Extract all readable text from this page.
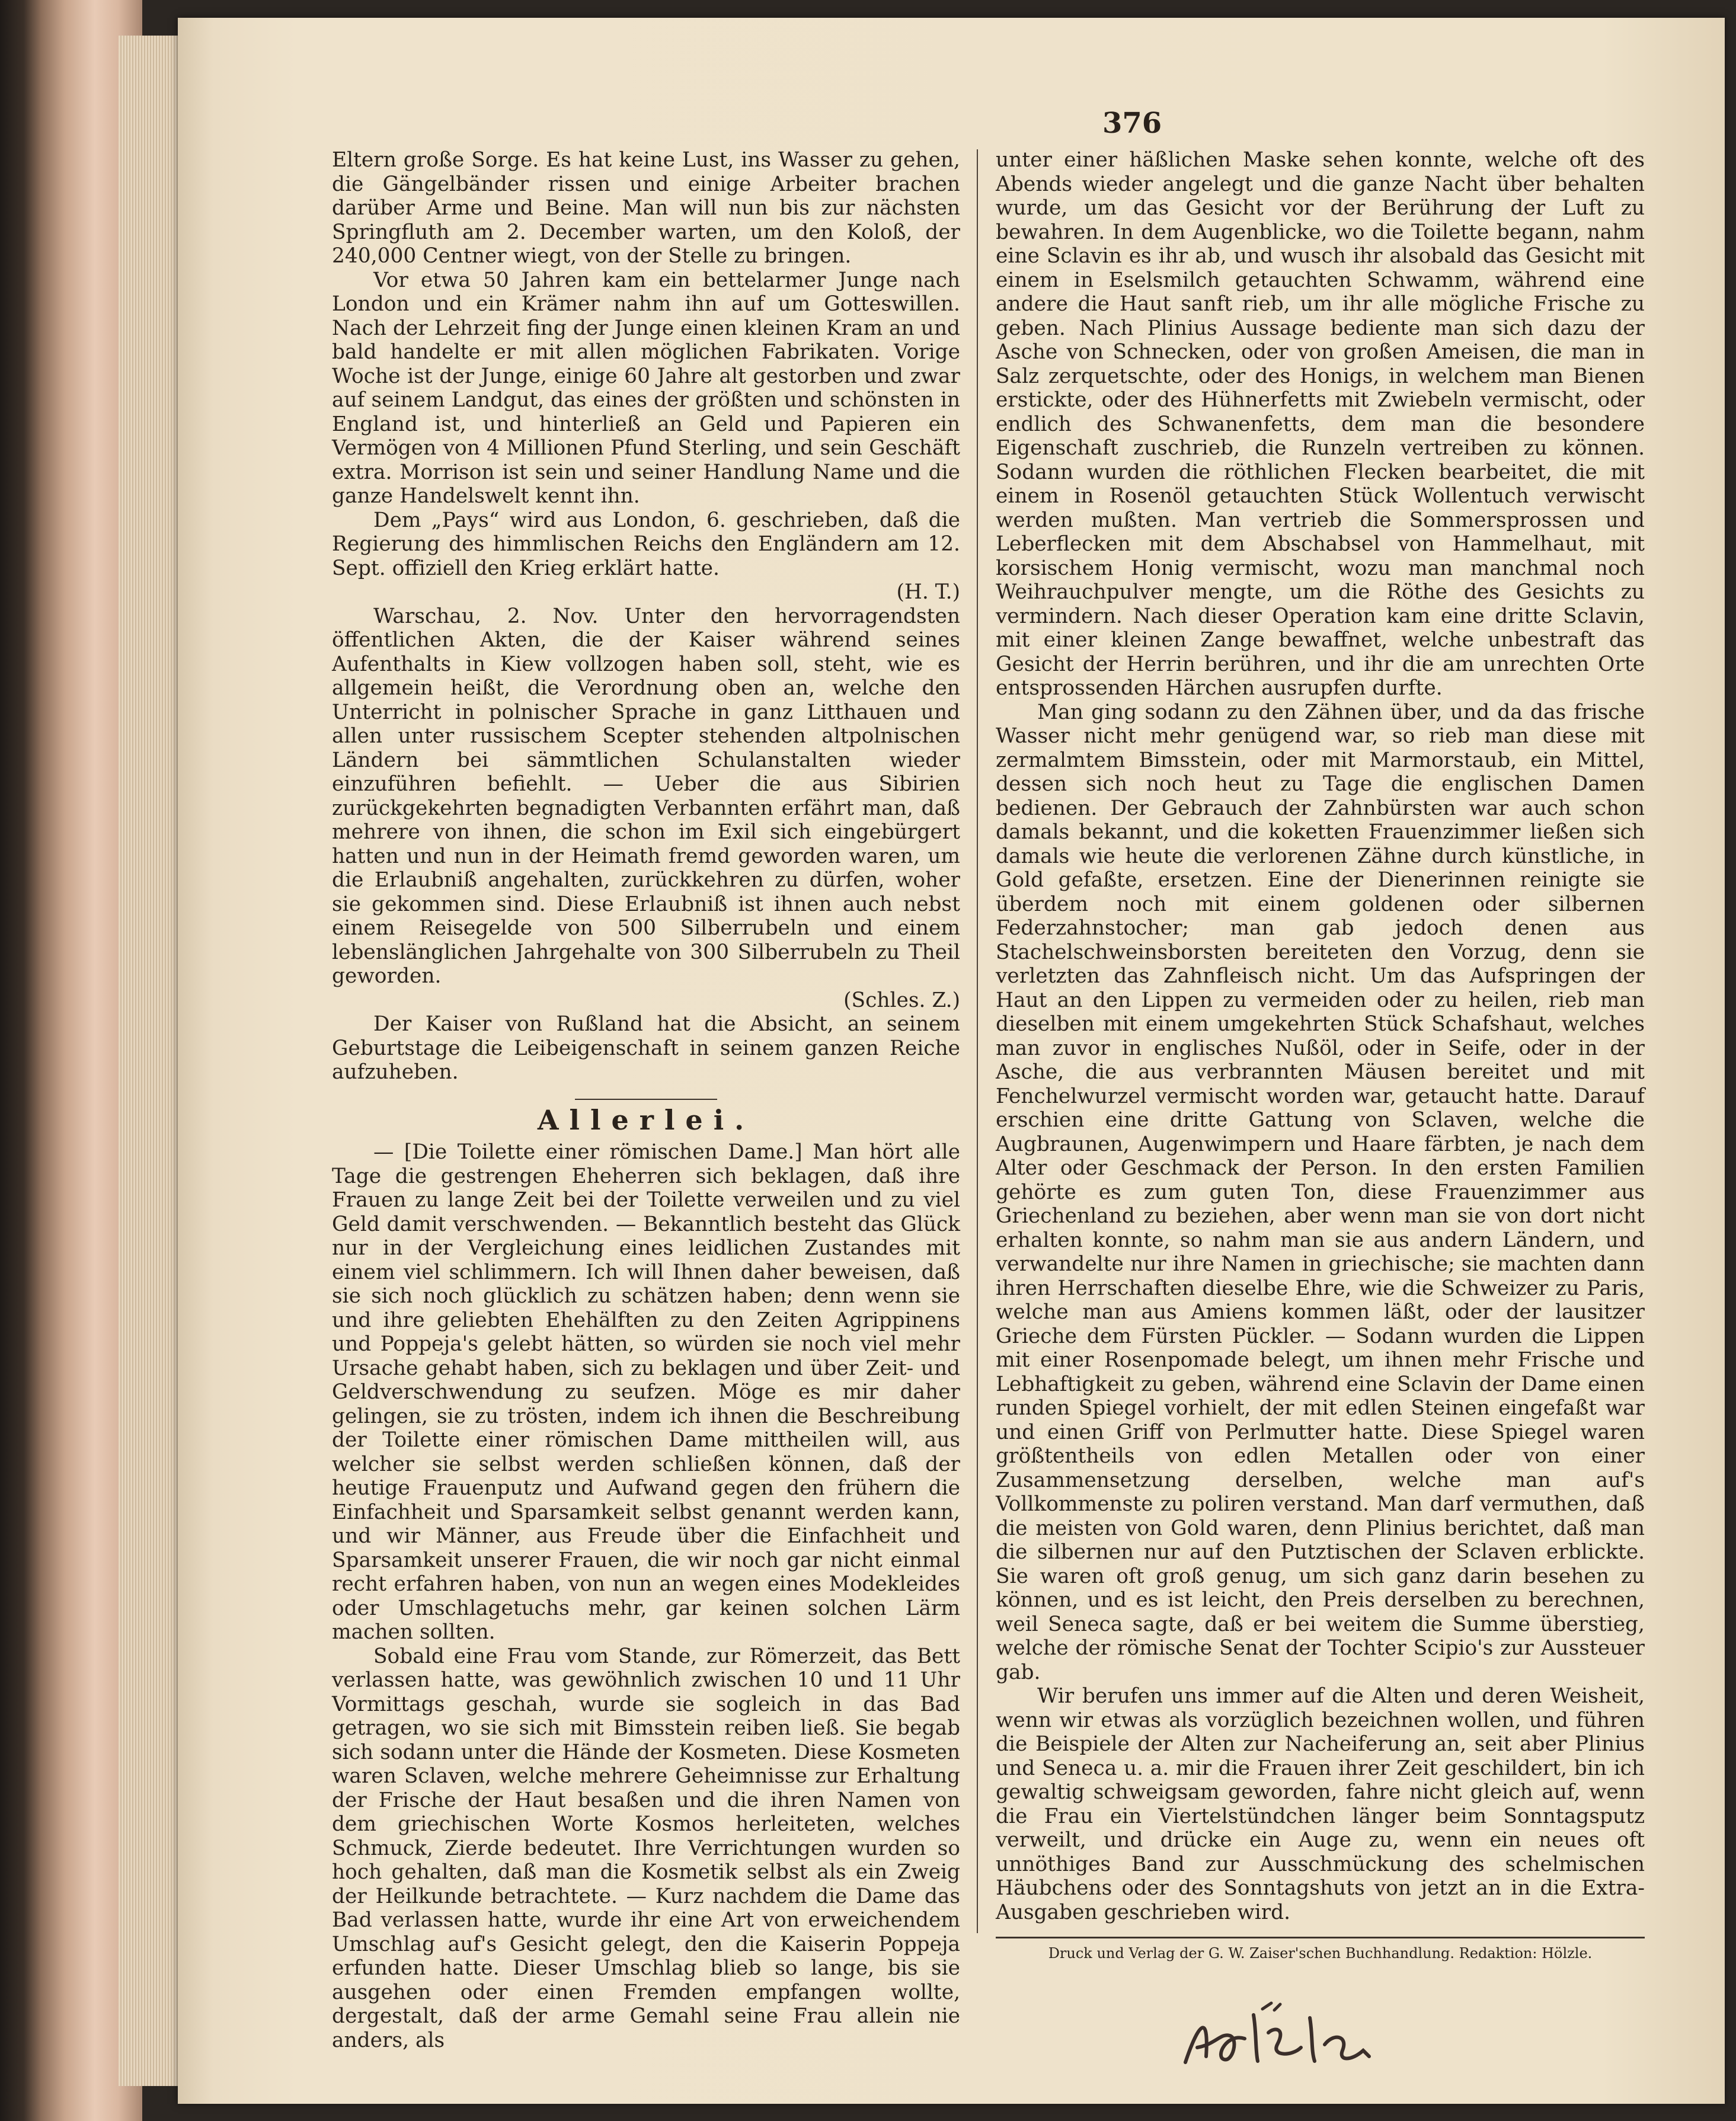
376

Eltern große Sorge. Es hat keine Lust, ins Wasser zu gehen, die Gängelbänder rissen und einige Arbeiter brachen darüber Arme und Beine. Man will nun bis zur nächsten Springfluth am 2. December warten, um den Koloß, der 240,000 Centner wiegt, von der Stelle zu bringen.

Vor etwa 50 Jahren kam ein bettelarmer Junge nach London und ein Krämer nahm ihn auf um Gotteswillen. Nach der Lehrzeit fing der Junge einen kleinen Kram an und bald handelte er mit allen möglichen Fabrikaten. Vorige Woche ist der Junge, einige 60 Jahre alt gestorben und zwar auf seinem Landgut, das eines der größten und schönsten in England ist, und hinterließ an Geld und Papieren ein Vermögen von 4 Millionen Pfund Sterling, und sein Geschäft extra. Morrison ist sein und seiner Handlung Name und die ganze Handelswelt kennt ihn.

Dem „Pays“ wird aus London, 6. geschrieben, daß die Regierung des himmlischen Reichs den Engländern am 12. Sept. offiziell den Krieg erklärt hatte.

(H. T.)

Warschau, 2. Nov. Unter den hervorragendsten öffentlichen Akten, die der Kaiser während seines Aufenthalts in Kiew vollzogen haben soll, steht, wie es allgemein heißt, die Verordnung oben an, welche den Unterricht in polnischer Sprache in ganz Litthauen und allen unter russischem Scepter stehenden altpolnischen Ländern bei sämmtlichen Schulanstalten wieder einzuführen befiehlt. — Ueber die aus Sibirien zurückgekehrten begnadigten Verbannten erfährt man, daß mehrere von ihnen, die schon im Exil sich eingebürgert hatten und nun in der Heimath fremd geworden waren, um die Erlaubniß angehalten, zurückkehren zu dürfen, woher sie gekommen sind. Diese Erlaubniß ist ihnen auch nebst einem Reisegelde von 500 Silberrubeln und einem lebenslänglichen Jahrgehalte von 300 Silberrubeln zu Theil geworden.

(Schles. Z.)

Der Kaiser von Rußland hat die Absicht, an seinem Geburtstage die Leibeigenschaft in seinem ganzen Reiche aufzuheben.

Allerlei.

— [Die Toilette einer römischen Dame.] Man hört alle Tage die gestrengen Eheherren sich beklagen, daß ihre Frauen zu lange Zeit bei der Toilette verweilen und zu viel Geld damit verschwenden. — Bekanntlich besteht das Glück nur in der Vergleichung eines leidlichen Zustandes mit einem viel schlimmern. Ich will Ihnen daher beweisen, daß sie sich noch glücklich zu schätzen haben; denn wenn sie und ihre geliebten Ehehälften zu den Zeiten Agrippinens und Poppeja's gelebt hätten, so würden sie noch viel mehr Ursache gehabt haben, sich zu beklagen und über Zeit- und Geldverschwendung zu seufzen. Möge es mir daher gelingen, sie zu trösten, indem ich ihnen die Beschreibung der Toilette einer römischen Dame mittheilen will, aus welcher sie selbst werden schließen können, daß der heutige Frauenputz und Aufwand gegen den frühern die Einfachheit und Sparsamkeit selbst genannt werden kann, und wir Männer, aus Freude über die Einfachheit und Sparsamkeit unserer Frauen, die wir noch gar nicht einmal recht erfahren haben, von nun an wegen eines Modekleides oder Umschlagetuchs mehr, gar keinen solchen Lärm machen sollten.

Sobald eine Frau vom Stande, zur Römerzeit, das Bett verlassen hatte, was gewöhnlich zwischen 10 und 11 Uhr Vormittags geschah, wurde sie sogleich in das Bad getragen, wo sie sich mit Bimsstein reiben ließ. Sie begab sich sodann unter die Hände der Kosmeten. Diese Kosmeten waren Sclaven, welche mehrere Geheimnisse zur Erhaltung der Frische der Haut besaßen und die ihren Namen von dem griechischen Worte Kosmos herleiteten, welches Schmuck, Zierde bedeutet. Ihre Verrichtungen wurden so hoch gehalten, daß man die Kosmetik selbst als ein Zweig der Heilkunde betrachtete. — Kurz nachdem die Dame das Bad verlassen hatte, wurde ihr eine Art von erweichendem Umschlag auf's Gesicht gelegt, den die Kaiserin Poppeja erfunden hatte. Dieser Umschlag blieb so lange, bis sie ausgehen oder einen Fremden empfangen wollte, dergestalt, daß der arme Gemahl seine Frau allein nie anders, als

unter einer häßlichen Maske sehen konnte, welche oft des Abends wieder angelegt und die ganze Nacht über behalten wurde, um das Gesicht vor der Berührung der Luft zu bewahren. In dem Augenblicke, wo die Toilette begann, nahm eine Sclavin es ihr ab, und wusch ihr alsobald das Gesicht mit einem in Eselsmilch getauchten Schwamm, während eine andere die Haut sanft rieb, um ihr alle mögliche Frische zu geben. Nach Plinius Aussage bediente man sich dazu der Asche von Schnecken, oder von großen Ameisen, die man in Salz zerquetschte, oder des Honigs, in welchem man Bienen erstickte, oder des Hühnerfetts mit Zwiebeln vermischt, oder endlich des Schwanenfetts, dem man die besondere Eigenschaft zuschrieb, die Runzeln vertreiben zu können. Sodann wurden die röthlichen Flecken bearbeitet, die mit einem in Rosenöl getauchten Stück Wollentuch verwischt werden mußten. Man vertrieb die Sommersprossen und Leberflecken mit dem Abschabsel von Hammelhaut, mit korsischem Honig vermischt, wozu man manchmal noch Weihrauchpulver mengte, um die Röthe des Gesichts zu vermindern. Nach dieser Operation kam eine dritte Sclavin, mit einer kleinen Zange bewaffnet, welche unbestraft das Gesicht der Herrin berühren, und ihr die am unrechten Orte entsprossenden Härchen ausrupfen durfte.

Man ging sodann zu den Zähnen über, und da das frische Wasser nicht mehr genügend war, so rieb man diese mit zermalmtem Bimsstein, oder mit Marmorstaub, ein Mittel, dessen sich noch heut zu Tage die englischen Damen bedienen. Der Gebrauch der Zahnbürsten war auch schon damals bekannt, und die koketten Frauenzimmer ließen sich damals wie heute die verlorenen Zähne durch künstliche, in Gold gefaßte, ersetzen. Eine der Dienerinnen reinigte sie überdem noch mit einem goldenen oder silbernen Federzahnstocher; man gab jedoch denen aus Stachelschweinsborsten bereiteten den Vorzug, denn sie verletzten das Zahnfleisch nicht. Um das Aufspringen der Haut an den Lippen zu vermeiden oder zu heilen, rieb man dieselben mit einem umgekehrten Stück Schafshaut, welches man zuvor in englisches Nußöl, oder in Seife, oder in der Asche, die aus verbrannten Mäusen bereitet und mit Fenchelwurzel vermischt worden war, getaucht hatte. Darauf erschien eine dritte Gattung von Sclaven, welche die Augbraunen, Augenwimpern und Haare färbten, je nach dem Alter oder Geschmack der Person. In den ersten Familien gehörte es zum guten Ton, diese Frauenzimmer aus Griechenland zu beziehen, aber wenn man sie von dort nicht erhalten konnte, so nahm man sie aus andern Ländern, und verwandelte nur ihre Namen in griechische; sie machten dann ihren Herrschaften dieselbe Ehre, wie die Schweizer zu Paris, welche man aus Amiens kommen läßt, oder der lausitzer Grieche dem Fürsten Pückler. — Sodann wurden die Lippen mit einer Rosenpomade belegt, um ihnen mehr Frische und Lebhaftigkeit zu geben, während eine Sclavin der Dame einen runden Spiegel vorhielt, der mit edlen Steinen eingefaßt war und einen Griff von Perlmutter hatte. Diese Spiegel waren größtentheils von edlen Metallen oder von einer Zusammensetzung derselben, welche man auf's Vollkommenste zu poliren verstand. Man darf vermuthen, daß die meisten von Gold waren, denn Plinius berichtet, daß man die silbernen nur auf den Putztischen der Sclaven erblickte. Sie waren oft groß genug, um sich ganz darin besehen zu können, und es ist leicht, den Preis derselben zu berechnen, weil Seneca sagte, daß er bei weitem die Summe überstieg, welche der römische Senat der Tochter Scipio's zur Aussteuer gab.

Wir berufen uns immer auf die Alten und deren Weisheit, wenn wir etwas als vorzüglich bezeichnen wollen, und führen die Beispiele der Alten zur Nacheiferung an, seit aber Plinius und Seneca u. a. mir die Frauen ihrer Zeit geschildert, bin ich gewaltig schweigsam geworden, fahre nicht gleich auf, wenn die Frau ein Viertelstündchen länger beim Sonntagsputz verweilt, und drücke ein Auge zu, wenn ein neues oft unnöthiges Band zur Ausschmückung des schelmischen Häubchens oder des Sonntagshuts von jetzt an in die Extra-Ausgaben geschrieben wird.

Druck und Verlag der G. W. Zaiser'schen Buchhandlung. Redaktion: Hölzle.
